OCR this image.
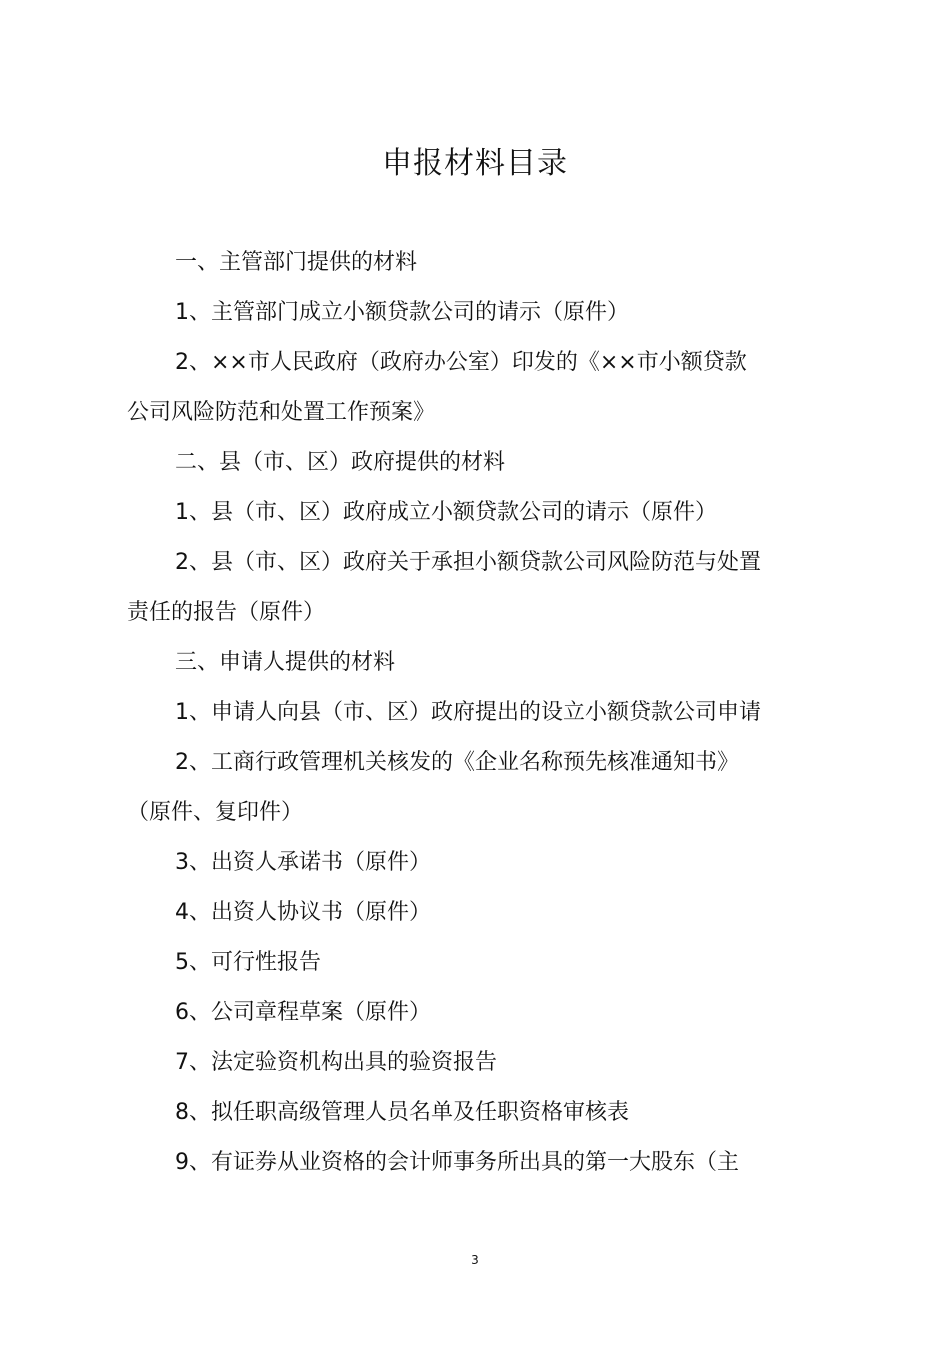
申报材料目录

一、主管部门提供的材料

1、主管部门成立小额贷款公司的请示（原件）

2、××市人民政府（政府办公室）印发的《××市小额贷款公司风险防范和处置工作预案》

二、县（市、区）政府提供的材料

1、县（市、区）政府成立小额贷款公司的请示（原件）

2、县（市、区）政府关于承担小额贷款公司风险防范与处置责任的报告（原件）

三、申请人提供的材料

1、申请人向县（市、区）政府提出的设立小额贷款公司申请

2、工商行政管理机关核发的《企业名称预先核准通知书》（原件、复印件）

3、出资人承诺书（原件）

4、出资人协议书（原件）

5、可行性报告

6、公司章程草案（原件）

7、法定验资机构出具的验资报告

8、拟任职高级管理人员名单及任职资格审核表

9、有证券从业资格的会计师事务所出具的第一大股东（主

3
